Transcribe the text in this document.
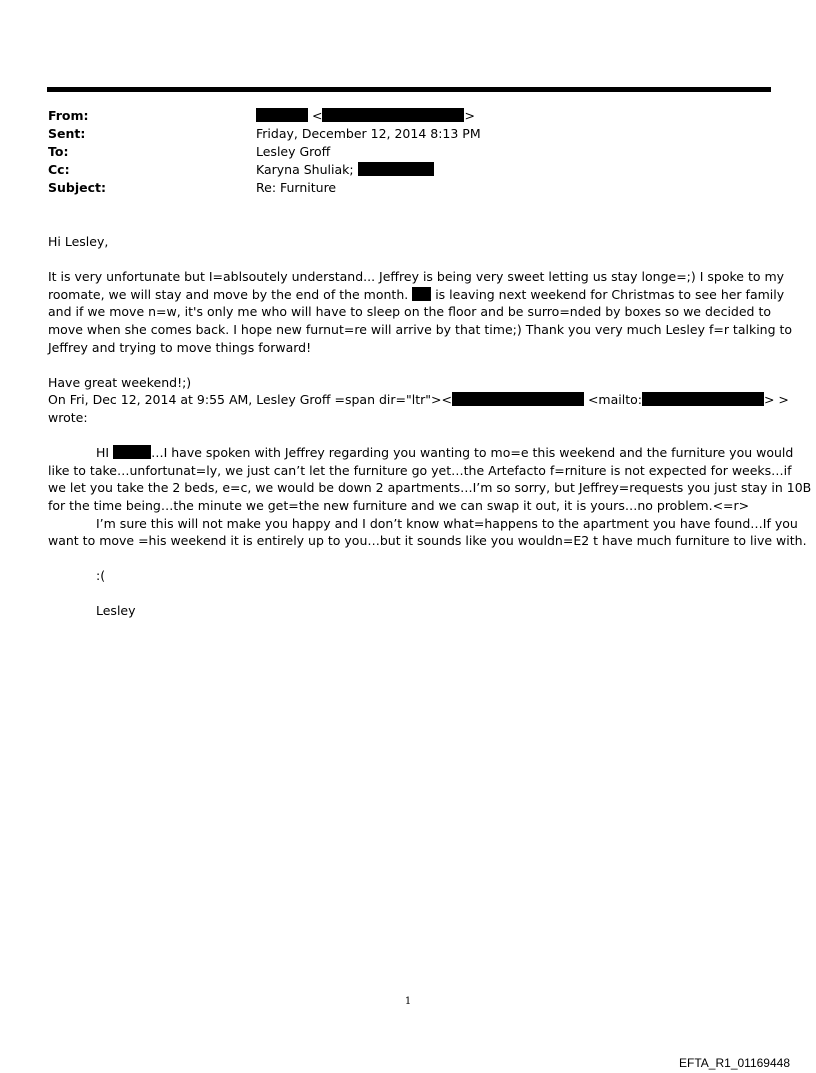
From:	<	>
Sent:	Friday, December 12, 2014 8:13 PM
To:	Lesley Groff
Cc:	Karyna Shuliak;
Subject:	Re: Furniture
Hi Lesley,
It is very unfortunate but I=ablsoutely understand... Jeffrey is being very sweet letting us stay longe=;) I spoke to my
roomate, we will stay and move by the end of the month. is leaving next weekend for Christmas to see her family
and if we move n=w, it's only me who will have to sleep on the floor and be surro=nded by boxes so we decided to
move when she comes back. I hope new furnut=re will arrive by that time;) Thank you very much Lesley f=r talking to
Jeffrey and trying to move things forward!
Have great weekend!;)
On Fri, Dec 12, 2014 at 9:55 AM, Lesley Groff =span dir="ltr"><	<mailto:	> >
wrote:
HI	…I have spoken with Jeffrey regarding you wanting to mo=e this weekend and the furniture you would
like to take…unfortunat=ly, we just can’t let the furniture go yet…the Artefacto f=rniture is not expected for weeks…if
we let you take the 2 beds, e=c, we would be down 2 apartments…I’m so sorry, but Jeffrey=requests you just stay in 10B
for the time being…the minute we get=the new furniture and we can swap it out, it is yours…no problem.<=r>
I’m sure this will not make you happy and I don’t know what=happens to the apartment you have found…If you
want to move =his weekend it is entirely up to you…but it sounds like you wouldn=E2 t have much furniture to live with.
:(
Lesley
1
EFTA_R1_01169448
